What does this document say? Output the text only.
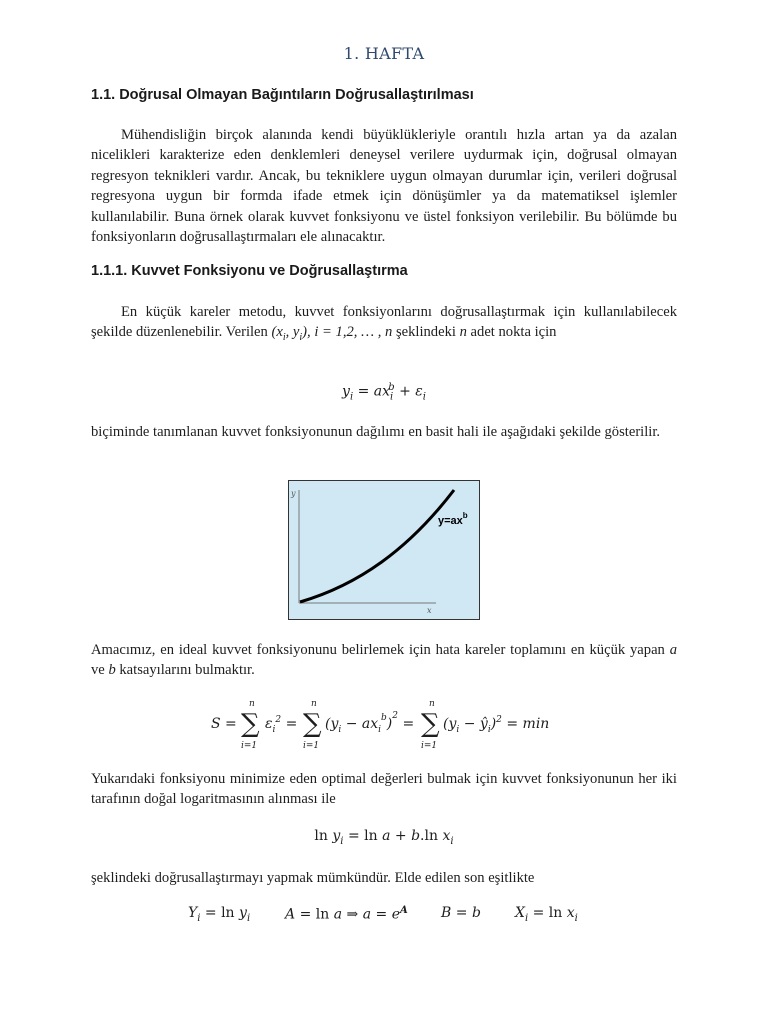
1. HAFTA
1.1. Doğrusal Olmayan Bağıntıların Doğrusallaştırılması
Mühendisliğin birçok alanında kendi büyüklükleriyle orantılı hızla artan ya da azalan nicelikleri karakterize eden denklemleri deneysel verilere uydurmak için, doğrusal olmayan regresyon teknikleri vardır. Ancak, bu tekniklere uygun olmayan durumlar için, verileri doğrusal regresyona uygun bir formda ifade etmek için dönüşümler ya da matematiksel işlemler kullanılabilir. Buna örnek olarak kuvvet fonksiyonu ve üstel fonksiyon verilebilir. Bu bölümde bu fonksiyonların doğrusallaştırmaları ele alınacaktır.
1.1.1. Kuvvet Fonksiyonu ve Doğrusallaştırma
En küçük kareler metodu, kuvvet fonksiyonlarını doğrusallaştırmak için kullanılabilecek şekilde düzenlenebilir. Verilen ($x_i$, $y_i$), i = 1,2, … , n şeklindeki n adet nokta için
$y_i = ax_i^b + \varepsilon_i$
biçiminde tanımlanan kuvvet fonksiyonunun dağılımı en basit hali ile aşağıdaki şekilde gösterilir.
y
x
$y=ax^b$
Amacımız, en ideal kuvvet fonksiyonunu belirlemek için hata kareler toplamını en küçük yapan a ve b katsayılarını bulmaktır.
S = ∑
n
i=1
$\varepsilon_i^2$ = ∑
n
i=1
$(y_i - ax_i^b)^2$ = ∑
n
i=1
($y_i$ − $ŷ_i)^2 = \min$
Yukarıdaki fonksiyonu minimize eden optimal değerleri bulmak için kuvvet fonksiyonunun her iki tarafının doğal logaritmasının alınması ile
$\ln y_i = \ln a + b.\ln$ $x_i$
şeklindeki doğrusallaştırmayı yapmak mümkündür. Elde edilen son eşitlikte
$Y_i = \ln y_i$ A = ln a ⇒ $a = e^A$ B = b $X_i = \ln x_i$
